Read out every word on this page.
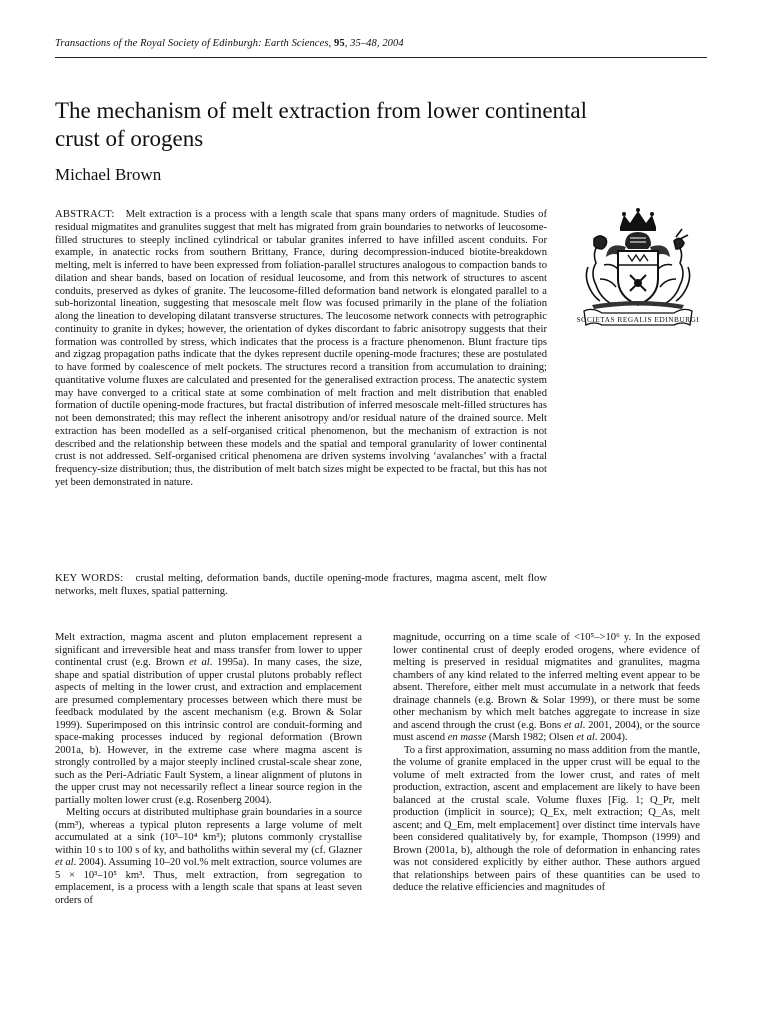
Transactions of the Royal Society of Edinburgh: Earth Sciences, 95, 35–48, 2004
The mechanism of melt extraction from lower continental crust of orogens
Michael Brown

ABSTRACT: Melt extraction is a process with a length scale that spans many orders of magnitude. Studies of residual migmatites and granulites suggest that melt has migrated from grain boundaries to networks of leucosome-filled structures to steeply inclined cylindrical or tabular granites inferred to have infilled ascent conduits. For example, in anatectic rocks from southern Brittany, France, during decompression-induced biotite-breakdown melting, melt is inferred to have been expressed from foliation-parallel structures analogous to compaction bands to dilation and shear bands, based on location of residual leucosome, and from this network of structures to ascent conduits, preserved as dykes of granite. The leucosome-filled deformation band network is elongated parallel to a sub-horizontal lineation, suggesting that mesoscale melt flow was focused primarily in the plane of the foliation along the lineation to developing dilatant transverse structures. The leucosome network connects with petrographic continuity to granite in dykes; however, the orientation of dykes discordant to fabric anisotropy suggests that their formation was controlled by stress, which indicates that the process is a fracture phenomenon. Blunt fracture tips and zigzag propagation paths indicate that the dykes represent ductile opening-mode fractures; these are postulated to have formed by coalescence of melt pockets. The structures record a transition from accumulation to draining; quantitative volume fluxes are calculated and presented for the generalised extraction process. The anatectic system may have converged to a critical state at some combination of melt fraction and melt distribution that enabled formation of ductile opening-mode fractures, but fractal distribution of inferred mesoscale melt-filled structures has not been demonstrated; this may reflect the inherent anisotropy and/or residual nature of the drained source. Melt extraction has been modelled as a self-organised critical phenomenon, but the mechanism of extraction is not described and the relationship between these models and the spatial and temporal granularity of lower continental crust is not addressed. Self-organised critical phenomena are driven systems involving ‘avalanches’ with a fractal frequency-size distribution; thus, the distribution of melt batch sizes might be expected to be fractal, but this has not yet been demonstrated in nature.

SOCIETAS REGALIS EDINBURGI

KEY WORDS: crustal melting, deformation bands, ductile opening-mode fractures, magma ascent, melt flow networks, melt fluxes, spatial patterning.

Melt extraction, magma ascent and pluton emplacement represent a significant and irreversible heat and mass transfer from lower to upper continental crust (e.g. Brown et al. 1995a). In many cases, the size, shape and spatial distribution of upper crustal plutons probably reflect aspects of melting in the lower crust, and extraction and emplacement are presumed complementary processes between which there must be feedback modulated by the ascent mechanism (e.g. Brown & Solar 1999). Superimposed on this intrinsic control are conduit-forming and space-making processes induced by regional deformation (Brown 2001a, b). However, in the extreme case where magma ascent is strongly controlled by a major steeply inclined crustal-scale shear zone, such as the Peri-Adriatic Fault System, a linear alignment of plutons in the upper crust may not necessarily reflect a linear source region in the partially molten lower crust (e.g. Rosenberg 2004).

Melting occurs at distributed multiphase grain boundaries in a source (mm³), whereas a typical pluton represents a large volume of melt accumulated at a sink (10³–10⁴ km³); plutons commonly crystallise within 10 s to 100 s of ky, and batholiths within several my (cf. Glazner et al. 2004). Assuming 10–20 vol.% melt extraction, source volumes are 5 × 10³–10⁵ km³. Thus, melt extraction, from segregation to emplacement, is a process with a length scale that spans at least seven orders of

magnitude, occurring on a time scale of <10⁵–>10⁶ y. In the exposed lower continental crust of deeply eroded orogens, where evidence of melting is preserved in residual migmatites and granulites, magma chambers of any kind related to the inferred melting event appear to be absent. Therefore, either melt must accumulate in a network that feeds drainage channels (e.g. Brown & Solar 1999), or there must be some other mechanism by which melt batches aggregate to increase in size and ascend through the crust (e.g. Bons et al. 2001, 2004), or the source must ascend en masse (Marsh 1982; Olsen et al. 2004).

To a first approximation, assuming no mass addition from the mantle, the volume of granite emplaced in the upper crust will be equal to the volume of melt extracted from the lower crust, and rates of melt production, extraction, ascent and emplacement are likely to have been balanced at the crustal scale. Volume fluxes [Fig. 1; Q_Pr, melt production (implicit in source); Q_Ex, melt extraction; Q_As, melt ascent; and Q_Em, melt emplacement] over distinct time intervals have been considered qualitatively by, for example, Thompson (1999) and Brown (2001a, b), although the role of deformation in enhancing rates was not considered explicitly by either author. These authors argued that relationships between pairs of these quantities can be used to deduce the relative efficiencies and magnitudes of
